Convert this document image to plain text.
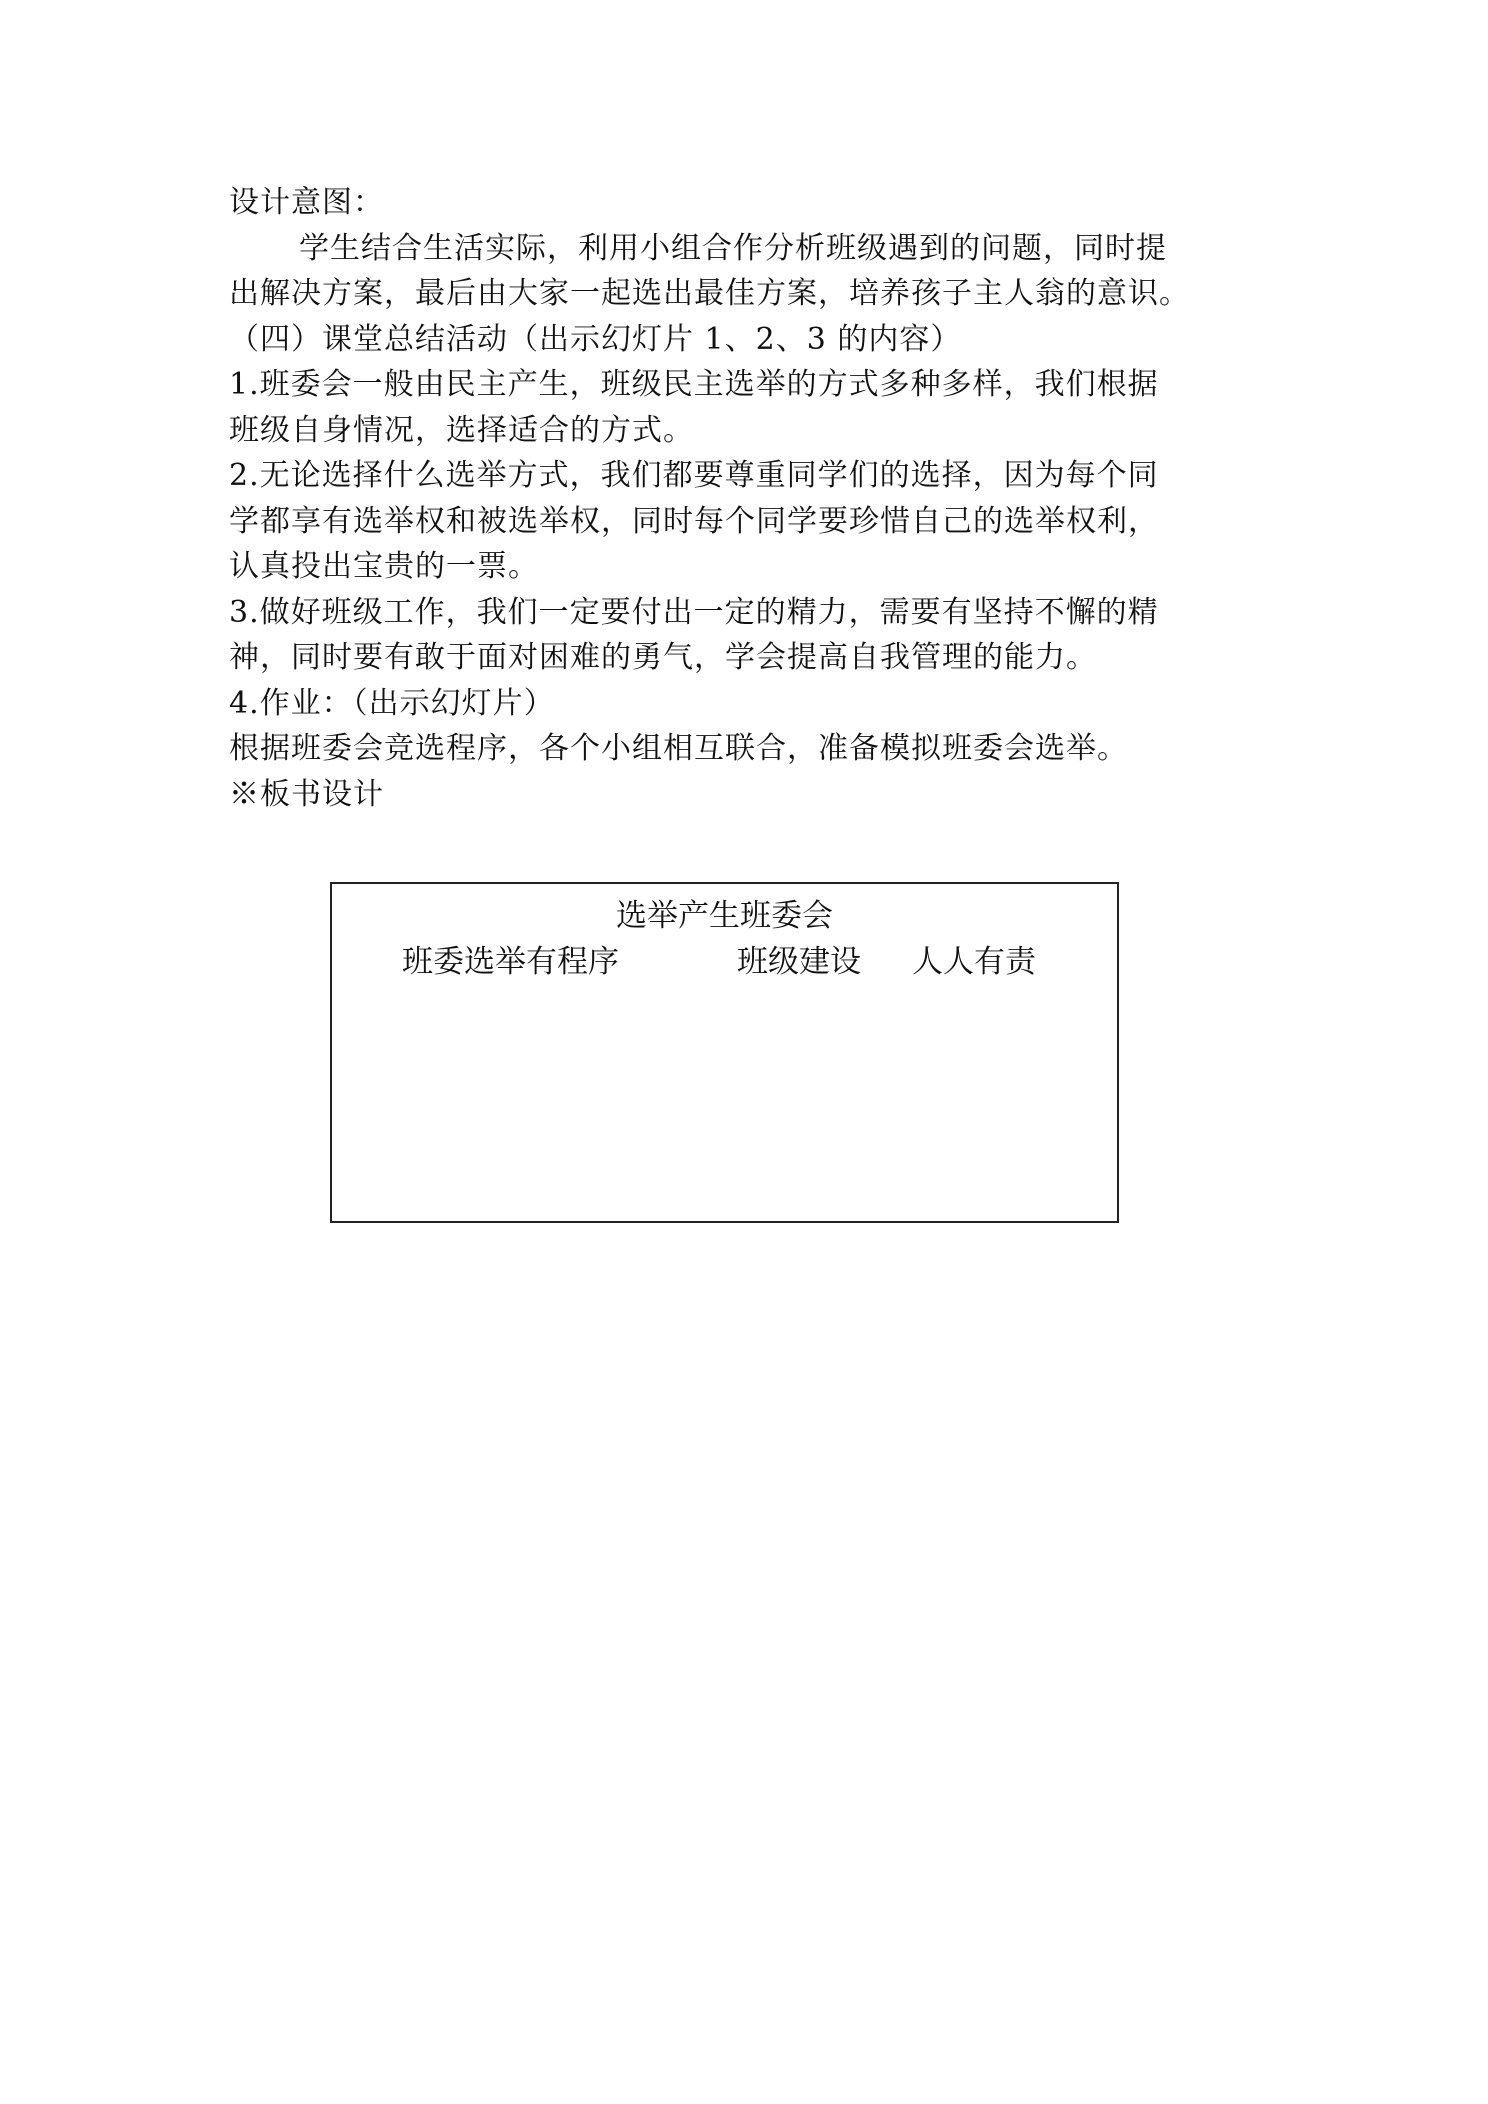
设计意图：
学生结合生活实际，利用小组合作分析班级遇到的问题，同时提
出解决方案，最后由大家一起选出最佳方案，培养孩子主人翁的意识。
（四）课堂总结活动（出示幻灯片 1、2、3 的内容）
1.班委会一般由民主产生，班级民主选举的方式多种多样，我们根据
班级自身情况，选择适合的方式。
2.无论选择什么选举方式，我们都要尊重同学们的选择，因为每个同
学都享有选举权和被选举权，同时每个同学要珍惜自己的选举权利，
认真投出宝贵的一票。
3.做好班级工作，我们一定要付出一定的精力，需要有坚持不懈的精
神，同时要有敢于面对困难的勇气，学会提高自我管理的能力。
4.作业：（出示幻灯片）
根据班委会竞选程序，各个小组相互联合，准备模拟班委会选举。
※板书设计
选举产生班委会
班委选举有程序	班级建设 人人有责
